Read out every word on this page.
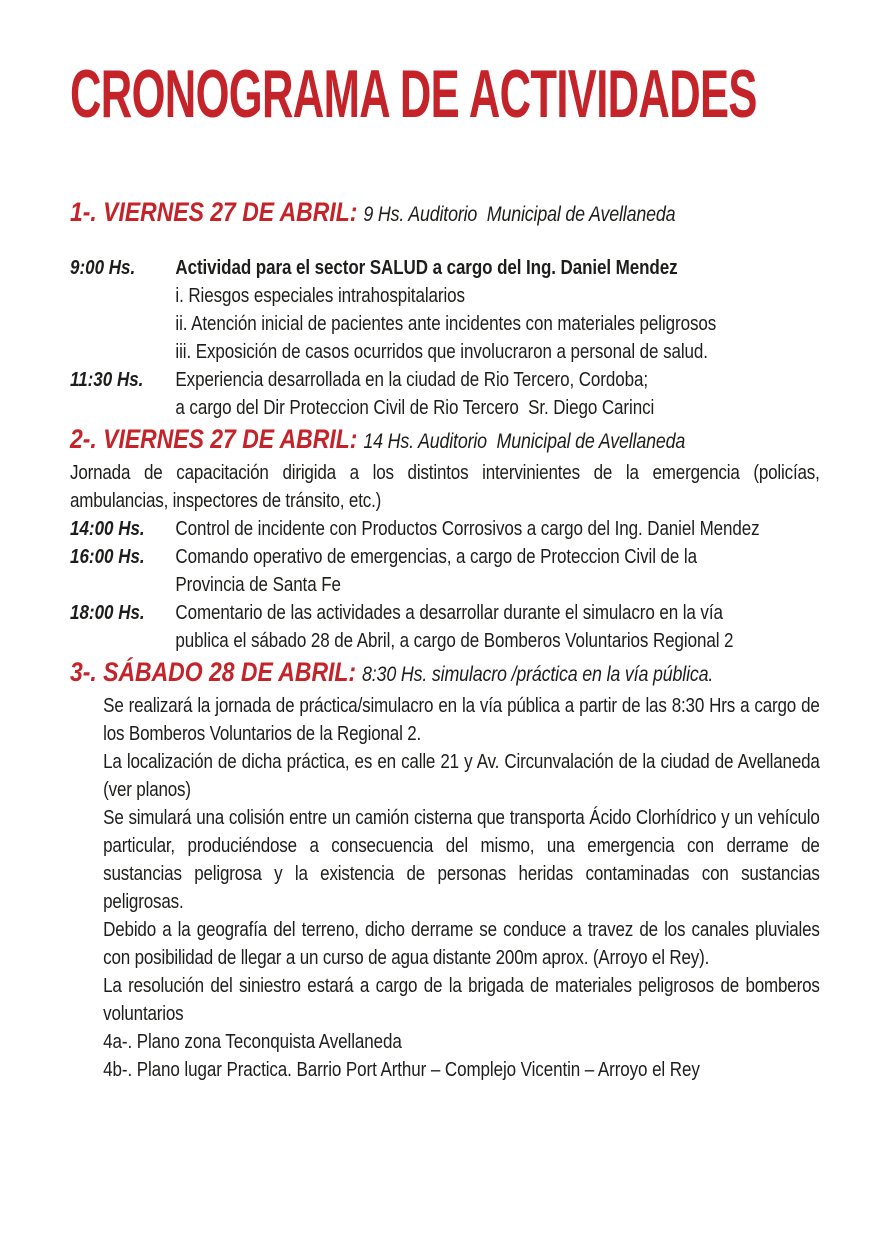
CRONOGRAMA DE ACTIVIDADES
1-. VIERNES 27 DE ABRIL: 9 Hs. Auditorio  Municipal de Avellaneda
9:00 Hs.	Actividad para el sector SALUD a cargo del Ing. Daniel Mendez
i. Riesgos especiales intrahospitalarios
ii. Atención inicial de pacientes ante incidentes con materiales peligrosos
iii. Exposición de casos ocurridos que involucraron a personal de salud.
11:30 Hs.	Experiencia desarrollada en la ciudad de Rio Tercero, Cordoba;
a cargo del Dir Proteccion Civil de Rio Tercero  Sr. Diego Carinci
2-. VIERNES 27 DE ABRIL: 14 Hs. Auditorio  Municipal de Avellaneda
Jornada de capacitación dirigida a los distintos intervinientes de la emergencia (policías, ambulancias, inspectores de tránsito, etc.)
14:00 Hs.	Control de incidente con Productos Corrosivos a cargo del Ing. Daniel Mendez
16:00 Hs.	Comando operativo de emergencias, a cargo de Proteccion Civil de la
Provincia de Santa Fe
18:00 Hs.	Comentario de las actividades a desarrollar durante el simulacro en la vía
publica el sábado 28 de Abril, a cargo de Bomberos Voluntarios Regional 2
3-. SÁBADO 28 DE ABRIL: 8:30 Hs. simulacro /práctica en la vía pública.

Se realizará la jornada de práctica/simulacro en la vía pública a partir de las 8:30 Hrs a cargo de los Bomberos Voluntarios de la Regional 2.

La localización de dicha práctica, es en calle 21 y Av. Circunvalación de la ciudad de Avellaneda (ver planos)

Se simulará una colisión entre un camión cisterna que transporta Ácido Clorhídrico y un vehículo particular, produciéndose a consecuencia del mismo, una emergencia con derrame de sustancias peligrosa y la existencia de personas heridas contaminadas con sustancias peligrosas.

Debido a la geografía del terreno, dicho derrame se conduce a travez de los canales pluviales con posibilidad de llegar a un curso de agua distante 200m aprox. (Arroyo el Rey).

La resolución del siniestro estará a cargo de la brigada de materiales peligrosos de bomberos voluntarios

4a-. Plano zona Teconquista Avellaneda
4b-. Plano lugar Practica. Barrio Port Arthur – Complejo Vicentin – Arroyo el Rey
